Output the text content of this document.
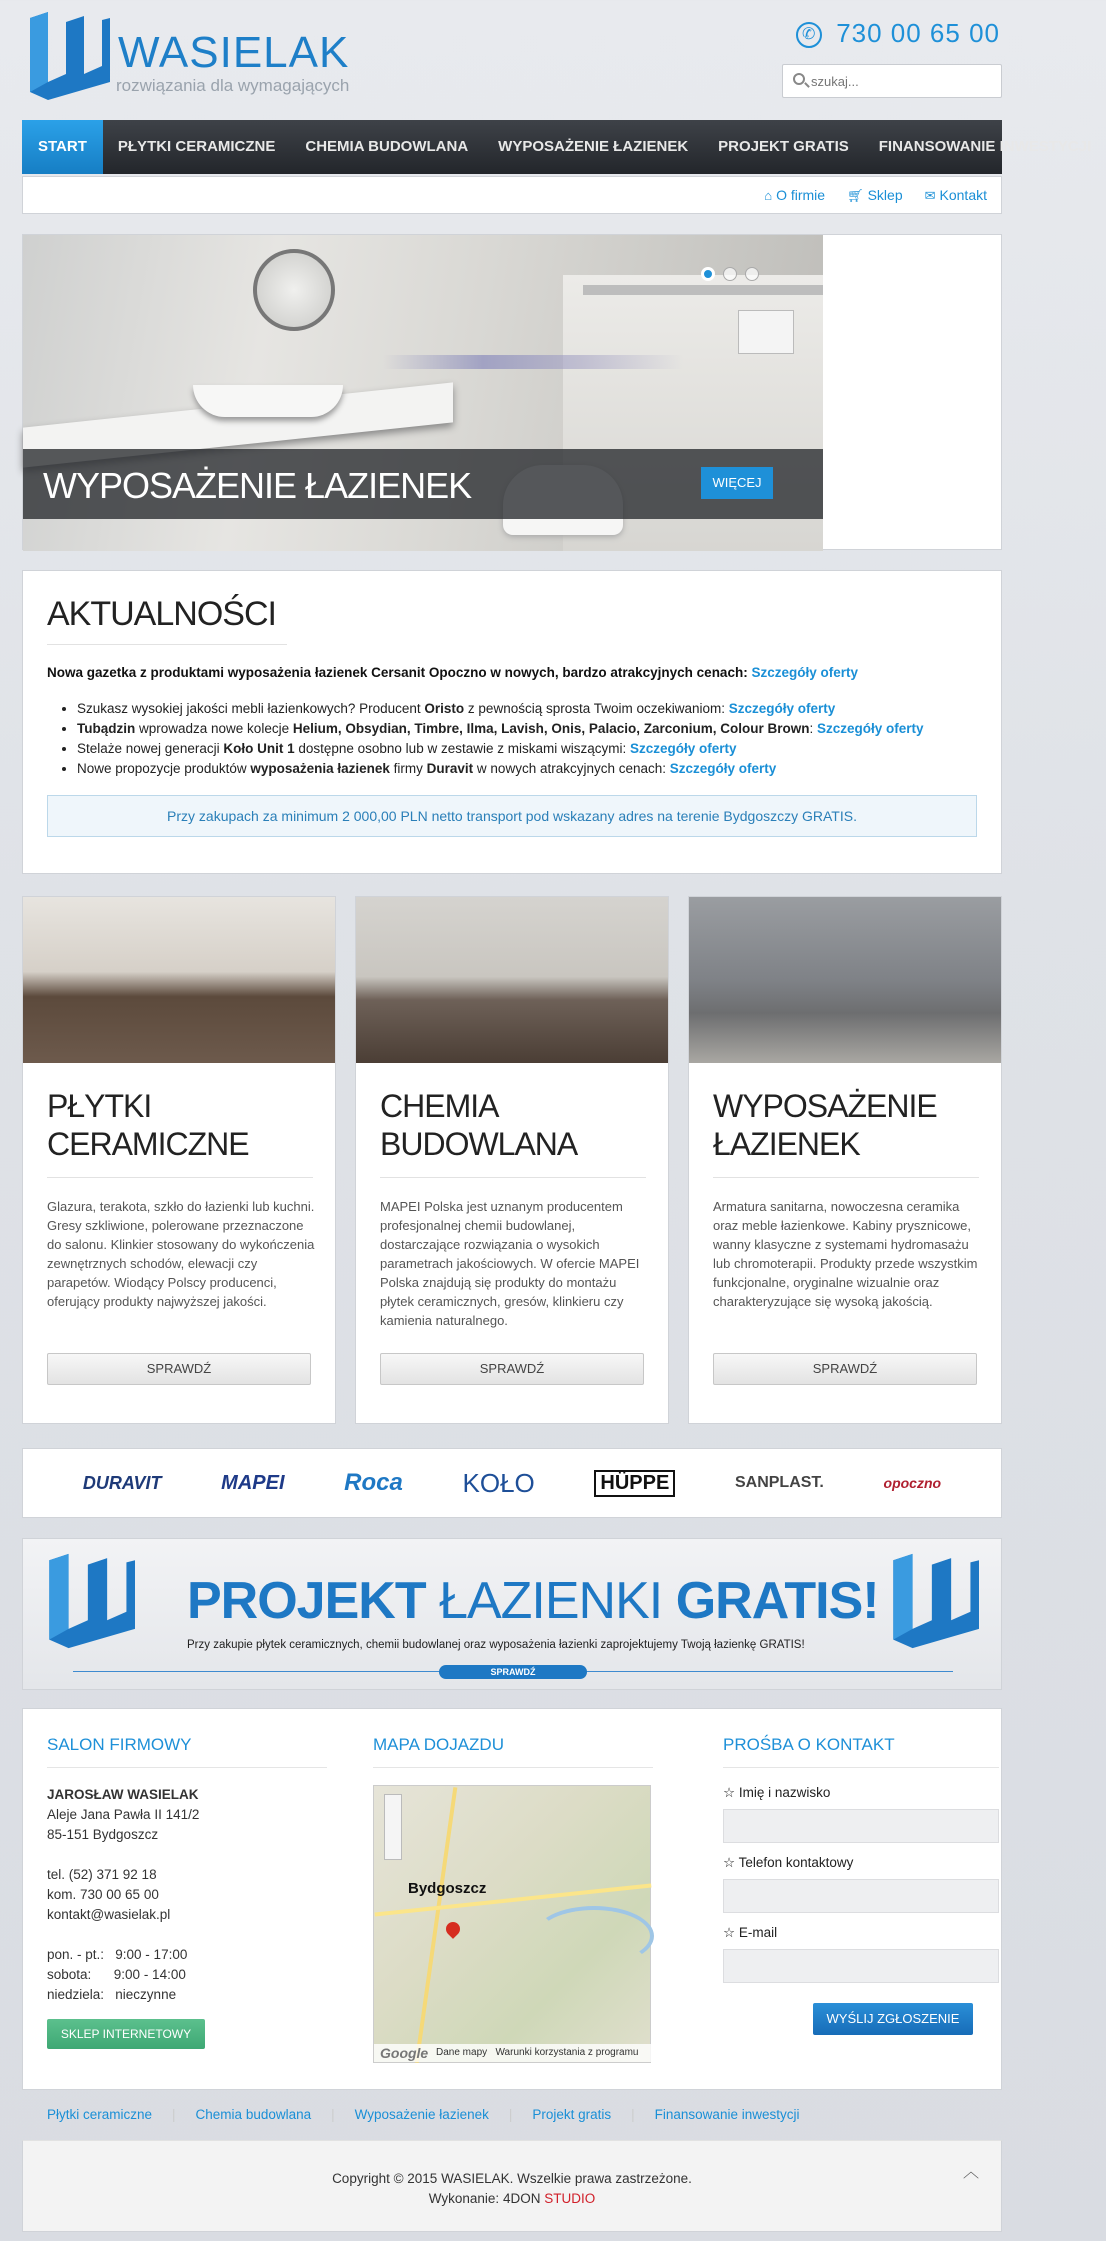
WASIELAK
rozwiązania dla wymagających
✆ 730 00 65 00
szukaj...
START	PŁYTKI CERAMICZNE	CHEMIA BUDOWLANA	WYPOSAŻENIE ŁAZIENEK	PROJEKT GRATIS	FINANSOWANIE INWESTYCJI
⌂ O firmie 🛒︎ Sklep ✉ Kontakt
WYPOSAŻENIE ŁAZIENEK	WIĘCEJ
AKTUALNOŚCI
Nowa gazetka z produktami wyposażenia łazienek Cersanit Opoczno w nowych, bardzo atrakcyjnych cenach: Szczegóły oferty
• Szukasz wysokiej jakości mebli łazienkowych? Producent Oristo z pewnością sprosta Twoim oczekiwaniom: Szczegóły oferty
• Tubądzin wprowadza nowe kolecje Helium, Obsydian, Timbre, Ilma, Lavish, Onis, Palacio, Zarconium, Colour Brown: Szczegóły oferty
• Stelaże nowej generacji Koło Unit 1 dostępne osobno lub w zestawie z miskami wiszącymi: Szczegóły oferty
• Nowe propozycje produktów wyposażenia łazienek firmy Duravit w nowych atrakcyjnych cenach: Szczegóły oferty
Przy zakupach za minimum 2 000,00 PLN netto transport pod wskazany adres na terenie Bydgoszczy GRATIS.
PŁYTKI
CERAMICZNE

Glazura, terakota, szkło do łazienki lub kuchni. Gresy szkliwione, polerowane przeznaczone do salonu. Klinkier stosowany do wykończenia zewnętrznych schodów, elewacji czy parapetów. Wiodący Polscy producenci, oferujący produkty najwyższej jakości.

SPRAWDŹ
CHEMIA
BUDOWLANA

MAPEI Polska jest uznanym producentem profesjonalnej chemii budowlanej, dostarczające rozwiązania o wysokich parametrach jakościowych. W ofercie MAPEI Polska znajdują się produkty do montażu płytek ceramicznych, gresów, klinkieru czy kamienia naturalnego.

SPRAWDŹ
WYPOSAŻENIE
ŁAZIENEK

Armatura sanitarna, nowoczesna ceramika oraz meble łazienkowe. Kabiny prysznicowe, wanny klasyczne z systemami hydromasażu lub chromoterapii. Produkty przede wszystkim funkcjonalne, oryginalne wizualnie oraz charakteryzujące się wysoką jakością.

SPRAWDŹ
DURAVIT	MAPEI Roca KOŁO	HÜPPE	SANPLAST.	opoczno
PROJEKT ŁAZIENKI GRATIS!
Przy zakupie płytek ceramicznych, chemii budowlanej oraz wyposażenia łazienki zaprojektujemy Twoją łazienkę GRATIS!
SPRAWDŹ
SALON FIRMOWY
JAROSŁAW WASIELAK
Aleje Jana Pawła II 141/2
85-151 Bydgoszcz

tel. (52) 371 92 18
kom. 730 00 65 00
kontakt@wasielak.pl

pon. - pt.:   9:00 - 17:00
sobota:      9:00 - 14:00
niedziela:   nieczynne
SKLEP INTERNETOWY
MAPA DOJAZDU
Bydgoszcz
Google Dane mapy Warunki korzystania z programu
PROŚBA O KONTAKT
☆ Imię i nazwisko
☆ Telefon kontaktowy
☆ E-mail
WYŚLIJ ZGŁOSZENIE
Płytki ceramiczne | Chemia budowlana | Wyposażenie łazienek | Projekt gratis | Finansowanie inwestycji
Copyright © 2015 WASIELAK. Wszelkie prawa zastrzeżone.
Wykonanie: 4DON STUDIO
︿
